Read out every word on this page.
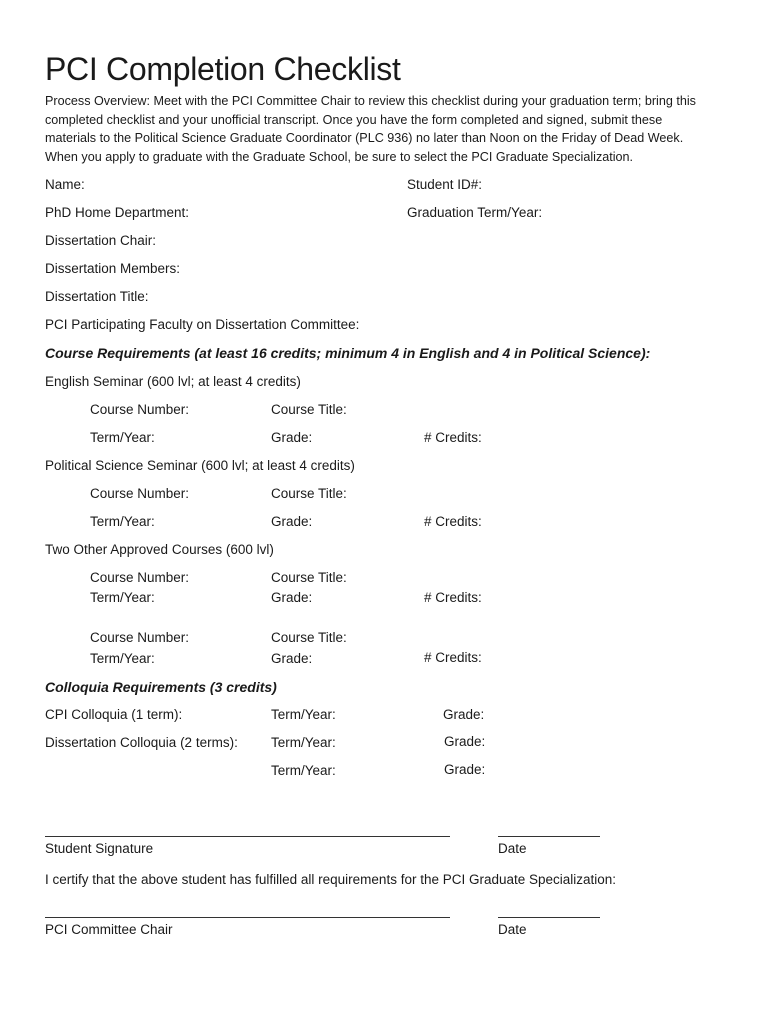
PCI Completion Checklist
Process Overview: Meet with the PCI Committee Chair to review this checklist during your graduation term; bring this
completed checklist and your unofficial transcript. Once you have the form completed and signed, submit these
materials to the Political Science Graduate Coordinator (PLC 936) no later than Noon on the Friday of Dead Week.
When you apply to graduate with the Graduate School, be sure to select the PCI Graduate Specialization.
Name:	Student ID#:
PhD Home Department:	Graduation Term/Year:
Dissertation Chair:
Dissertation Members:
Dissertation Title:
PCI Participating Faculty on Dissertation Committee:
Course Requirements (at least 16 credits; minimum 4 in English and 4 in Political Science):
English Seminar (600 lvl; at least 4 credits)
Course Number:	Course Title:
Term/Year:	Grade:	# Credits:
Political Science Seminar (600 lvl; at least 4 credits)
Course Number:	Course Title:
Term/Year:	Grade:	# Credits:
Two Other Approved Courses (600 lvl)
Course Number:	Course Title:
Term/Year:	Grade:	# Credits:
Course Number:	Course Title:
Term/Year:	Grade:	# Credits:
Colloquia Requirements (3 credits)
CPI Colloquia (1 term):	Term/Year:	Grade:
Dissertation Colloquia (2 terms): Term/Year:	Grade:
Term/Year:	Grade:
Student Signature	Date
I certify that the above student has fulfilled all requirements for the PCI Graduate Specialization:
PCI Committee Chair	Date
